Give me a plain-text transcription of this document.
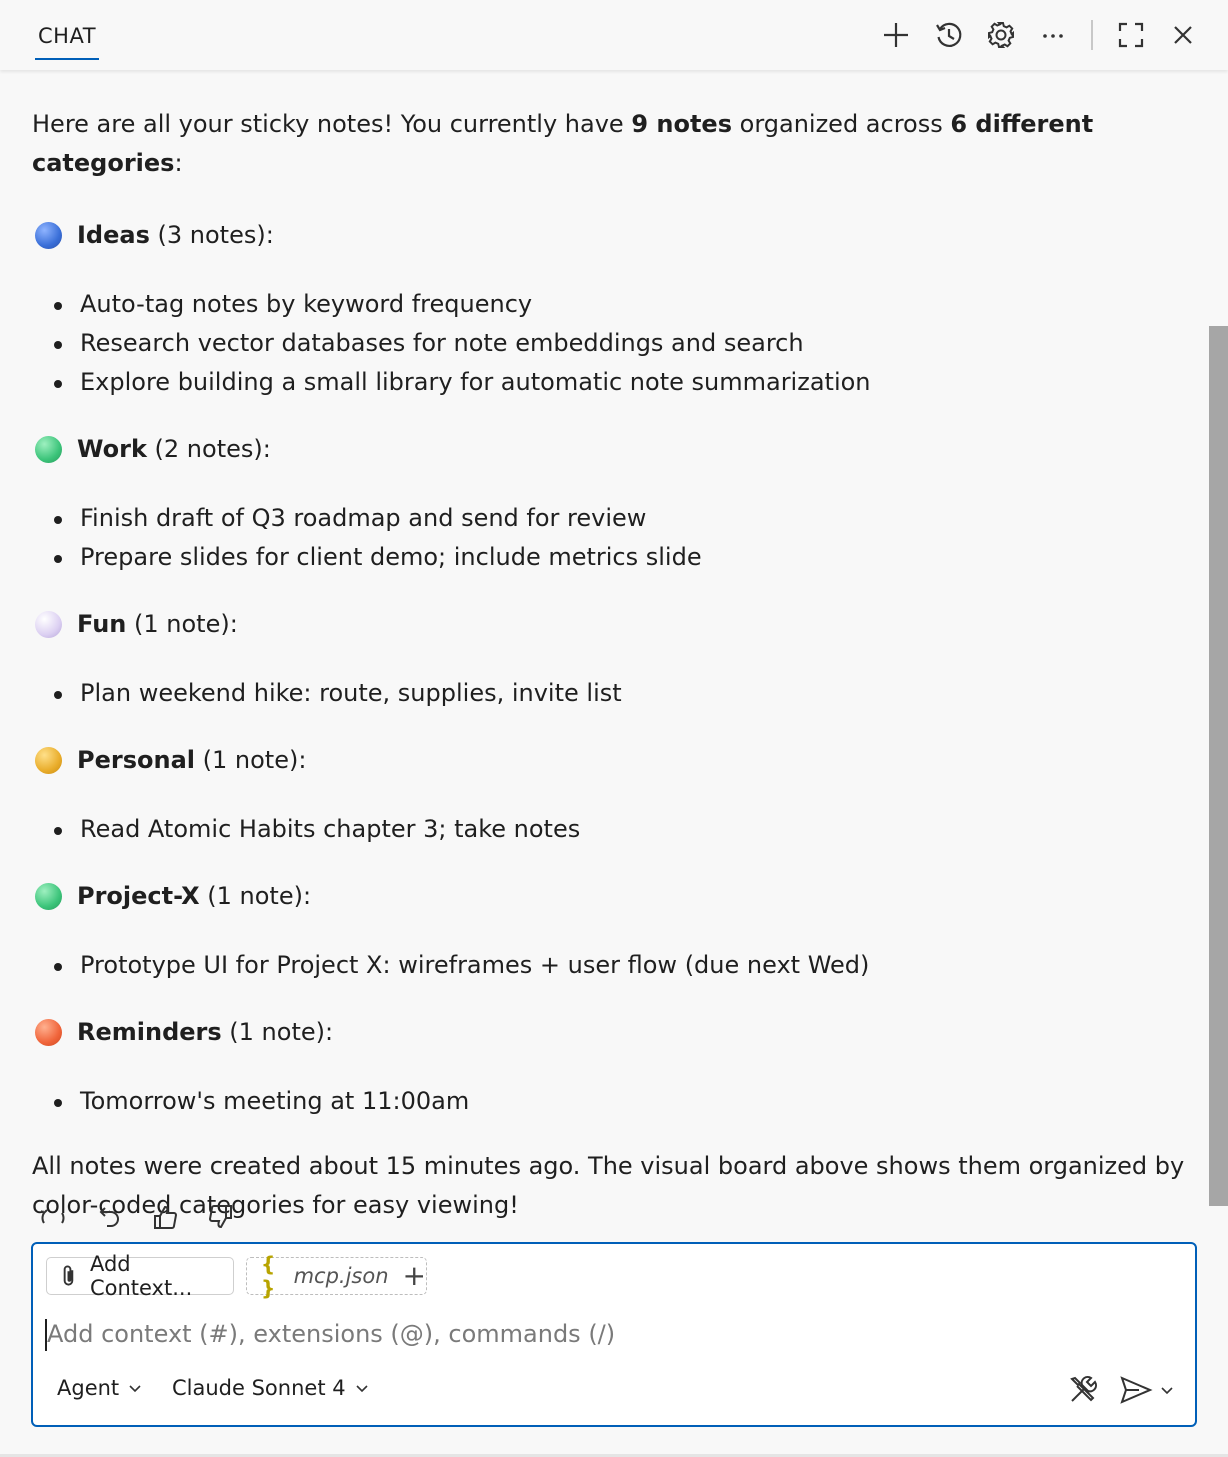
CHAT

Here are all your sticky notes! You currently have 9 notes organized across 6 different categories:

Ideas
(3 notes):
Auto-tag notes by keyword frequency
Research vector databases for note embeddings and search
Explore building a small library for automatic note summarization
Work
(2 notes):
Finish draft of Q3 roadmap and send for review
Prepare slides for client demo; include metrics slide
Fun
(1 note):
Plan weekend hike: route, supplies, invite list
Personal
(1 note):
Read Atomic Habits chapter 3; take notes
Project-X
(1 note):
Prototype UI for Project X: wireframes + user flow (due next Wed)
Reminders
(1 note):
Tomorrow's meeting at 11:00am

All notes were created about 15 minutes ago. The visual board above shows them organized by color-coded categories for easy viewing!

Add Context...
{ } mcp.json +
Add context (#), extensions (@), commands (/)
Agent	Claude Sonnet 4
